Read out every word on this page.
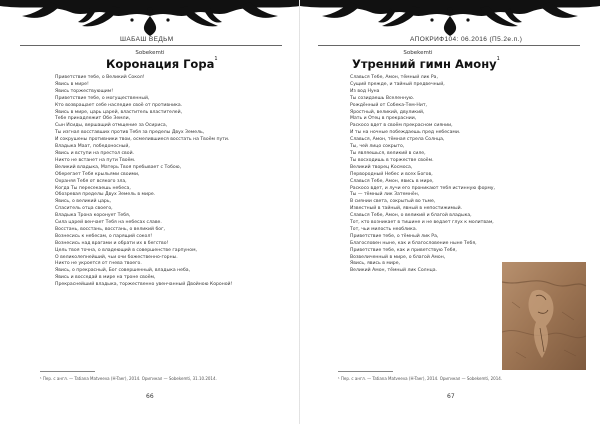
ШАБАШ ВЕДЬМ
Sobekemti
Коронация Гора$^1$
Приветствие тебе, о Великий Сокол!
Явись в мире!
Явись торжествующим!
Приветствие тебе, о могущественный,
Кто возвращает себе наследие своё от противника.
Явись в мире, царь царей, властитель властителей,
Тебе принадлежит Обе Земли,
Сын Исиды, вершащий отмщение за Осириса,
Ты изгнал восставших против Тебя за пределы Двух Земель,
И сокрушены противники твои, осмелившиеся восстать на Твоём пути.
Владыка Маат, победоносный,
Явись и вступи на престол свой.
Никто не встанет на пути Твоём.
Великий владыка, Матерь Твоя пребывает с Тобою,
Оберегает Тебя крыльями своими,
Охраняя Тебя от всякого зла,
Когда Ты пересекаешь небеса,
Обозревая пределы Двух Земель в мире.
Явись, о великий царь,
Спаситель отца своего,
Владыка Трона коронует Тебя,
Сила царей венчает Тебя на небесах славе.
Восстань, восстань, восстань, о великий бог,
Вознесись к небесам, о парящий сокол!
Вознесись над врагами и обрати их в бегство!
Цель твоя точна, о владеющий в совершенстве гарпуном,
О великолепнейший, чьи очи божественно-горны.
Никто не укроется от гнева твоего.
Явись, о прекрасный, Бог совершенный, владыка неба,
Явись и восседай в мире на троне своём,
Прекраснейший владыка, торжественно увенчанный Двойною Короной!
¹ Пер. с англ. — Tatiana Matveeva (H-Taer), 2014. Оригинал — Sobekemti, 31.10.2014.
66
АПОКРИФ104: 06.2016 (П5.2е.п.)
Sobekemti
Утренний гимн Амону$^1$
Славься Тебе, Амон, тёмный лик Ра,
Сущий прежде, и тайный предвечный,
Из вод Нуна
Ты созидаешь Вселенную.
Рождённый от Собека-Тем-Нит,
Яростный, великий, двуликий,
Мать и Отец в прекраснии,
Раскосо вдет в своём прекрасном сиянии,
И ты на ночные побеждаешь пред небесами.
Славься, Амон, тёмная стрела Солнца,
Ты, чей лицо сокрыто,
Ты являешься, великий в силе,
Ты восходишь в торжестве своём.
Великий творец Космоса,
Первородный Небес и всех Богов,
Славься Тебе, Амон, явись в мире,
Раскосо вдет, и лучи его проникают тебя истинную форму,
Ты — тёмный лик Затемнён,
В сиянии света, сокрытый во тьме,
Известный в тайный, явный в непостижимый.
Славься Тебе, Амон, о великий и благой владыка,
Тот, кто возникает в тишине и не ведает глух к молитвам,
Тот, чьи милость необлика.
Приветствие тебе, о тёмный лик Ра,
Благословен ныне, как и благословение ныне Тебя,
Приветствие тебе, как и приветствую Тебя,
Возвеличенный в мире, о благой Амон,
Явись, явись в мире,
Великий Амон, тёмный лик Солнца.
¹ Пер. с англ. — Tatiana Matveeva (H-Taer), 2014. Оригинал — Sobekemti, 2014.
67
